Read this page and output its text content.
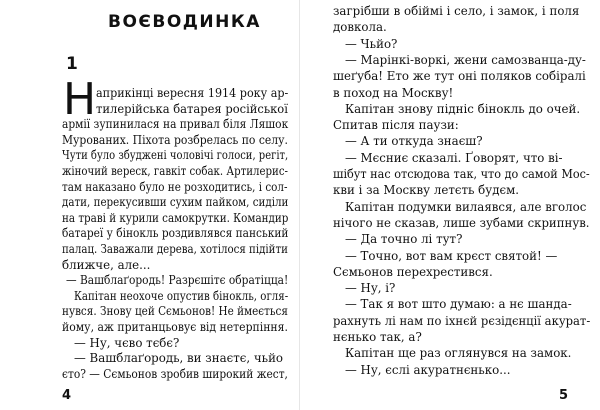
ВОЄВОДИНКА
1
Н априкінці вересня 1914 року ар-
тилерійська батарея російської
армії зупинилася на привал біля Ляшок
Мурованих. Піхота розбрелась по селу.
Чути було збуджені чоловічі голоси, регіт,
жіночий вереск, гавкіт собак. Артилерис-
там наказано було не розходитись, і сол-
дати, перекусивши сухим пайком, сиділи
на траві й курили самокрутки. Командир
батареї у бінокль роздивлявся панський
палац. Заважали дерева, хотілося підійти
ближче, але...
— Вашблаґородь! Разрєшітє обратіцца!
Капітан неохоче опустив бінокль, огля-
нувся. Знову цей Сємьонов! Не ймеється
йому, аж пританцьовує від нетерпіння.
— Ну, чєво тєбє?
— Вашблаґородь, ви знаєтє, чьйо
єто? — Сємьонов зробив широкий жест,
4
загрібши в обіймі і село, і замок, і поля
довкола.
— Чьйо?
— Марінкі-воркі, жени самозванца-ду-
шеґуба! Ето же тут оні поляков собіралі
в поход на Москву!
Капітан знову підніс бінокль до очей.
Спитав після паузи:
— А ти откуда знаєш?
— Мєсниє сказалі. Ґоворят, что ві-
шібут нас отсюдова так, что до самой Мос-
кви і за Москву летєть будєм.
Капітан подумки вилаявся, але вголос
нічого не сказав, лише зубами скрипнув.
— Да точно лі тут?
— Точно, вот вам крєст святой! —
Сємьонов перехрестився.
— Ну, і?
— Так я вот што думаю: а нє шанда-
рахнуть лі нам по іхнєй рєзідєнції акурат-
нєнько так, а?
Капітан ще раз оглянувся на замок.
— Ну, єслі акуратнєнько...
5
